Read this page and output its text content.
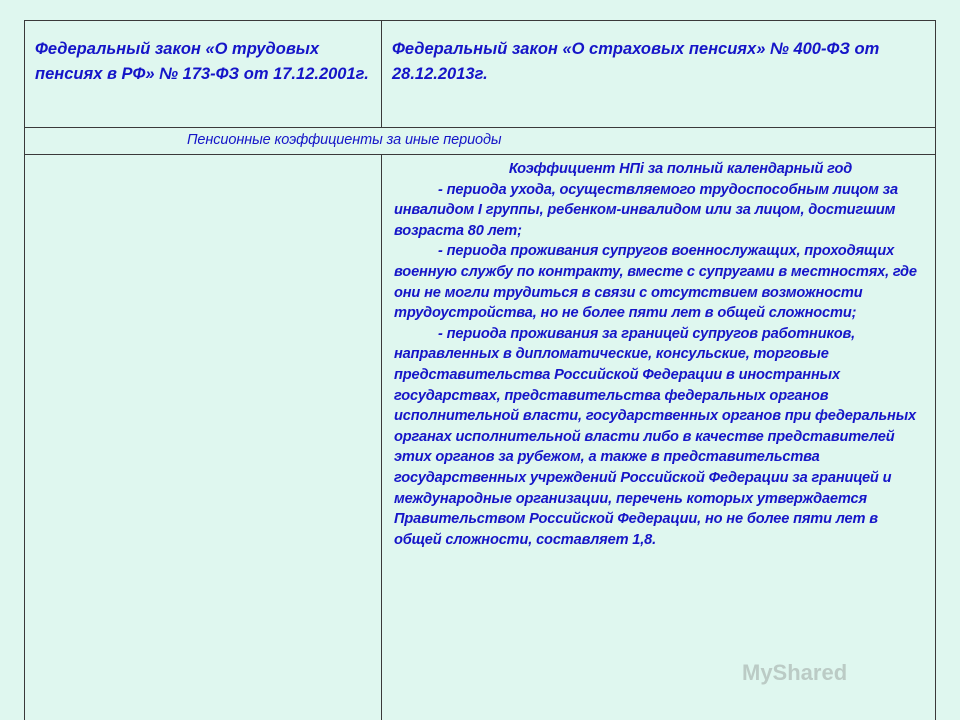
Федеральный закон «О трудовых пенсиях в РФ» № 173-ФЗ от 17.12.2001г.	Федеральный закон «О страховых пенсиях» № 400-ФЗ от 28.12.2013г.
Пенсионные коэффициенты за иные периоды	

	Коэффициент НПі за полный календарный год
- периода ухода, осуществляемого трудоспособным лицом за инвалидом I группы, ребенком-инвалидом или за лицом, достигшим возраста 80 лет;
- периода проживания супругов военнослужащих, проходящих военную службу по контракту, вместе с супругами в местностях, где они не могли трудиться в связи с отсутствием возможности трудоустройства, но не более пяти лет в общей сложности;
- периода проживания за границей супругов работников, направленных в дипломатические, консульские, торговые представительства Российской Федерации в иностранных государствах, представительства федеральных органов исполнительной власти, государственных органов при федеральных органах исполнительной власти либо в качестве представителей этих органов за рубежом, а также в представительства государственных учреждений Российской Федерации за границей и международные организации, перечень которых утверждается Правительством Российской Федерации, но не более пяти лет в общей сложности, составляет 1,8.
MyShared
